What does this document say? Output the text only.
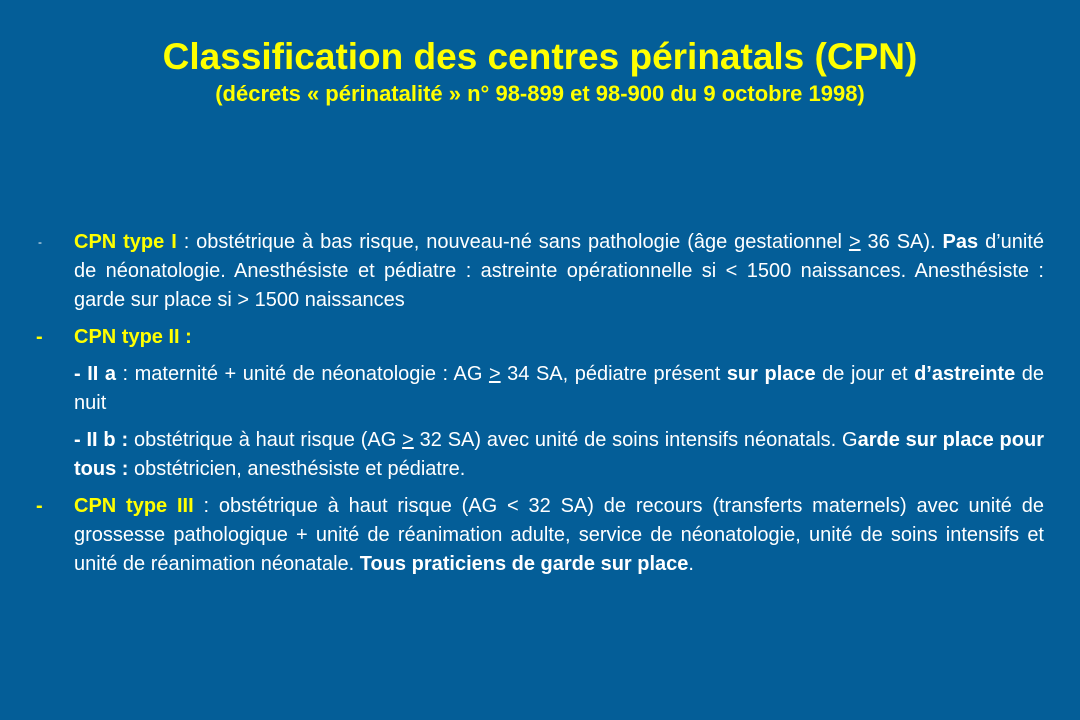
Classification des centres périnatals (CPN)
(décrets « périnatalité » n° 98-899 et 98-900 du 9 octobre 1998)
-	CPN type I : obstétrique à bas risque, nouveau-né sans pathologie (âge gestationnel ≥ 36 SA). Pas d’unité de néonatologie. Anesthésiste et pédiatre : astreinte opérationnelle si < 1500 naissances. Anesthésiste : garde sur place si > 1500 naissances
-	CPN type II :
- II a : maternité + unité de néonatologie : AG ≥ 34 SA, pédiatre présent sur place de jour et d’astreinte de nuit
- II b : obstétrique à haut risque (AG ≥ 32 SA) avec unité de soins intensifs néonatals. Garde sur place pour tous : obstétricien, anesthésiste et pédiatre.
-	CPN type III : obstétrique à haut risque (AG < 32 SA) de recours (transferts maternels) avec unité de grossesse pathologique + unité de réanimation adulte, service de néonatologie, unité de soins intensifs et unité de réanimation néonatale. Tous praticiens de garde sur place.
